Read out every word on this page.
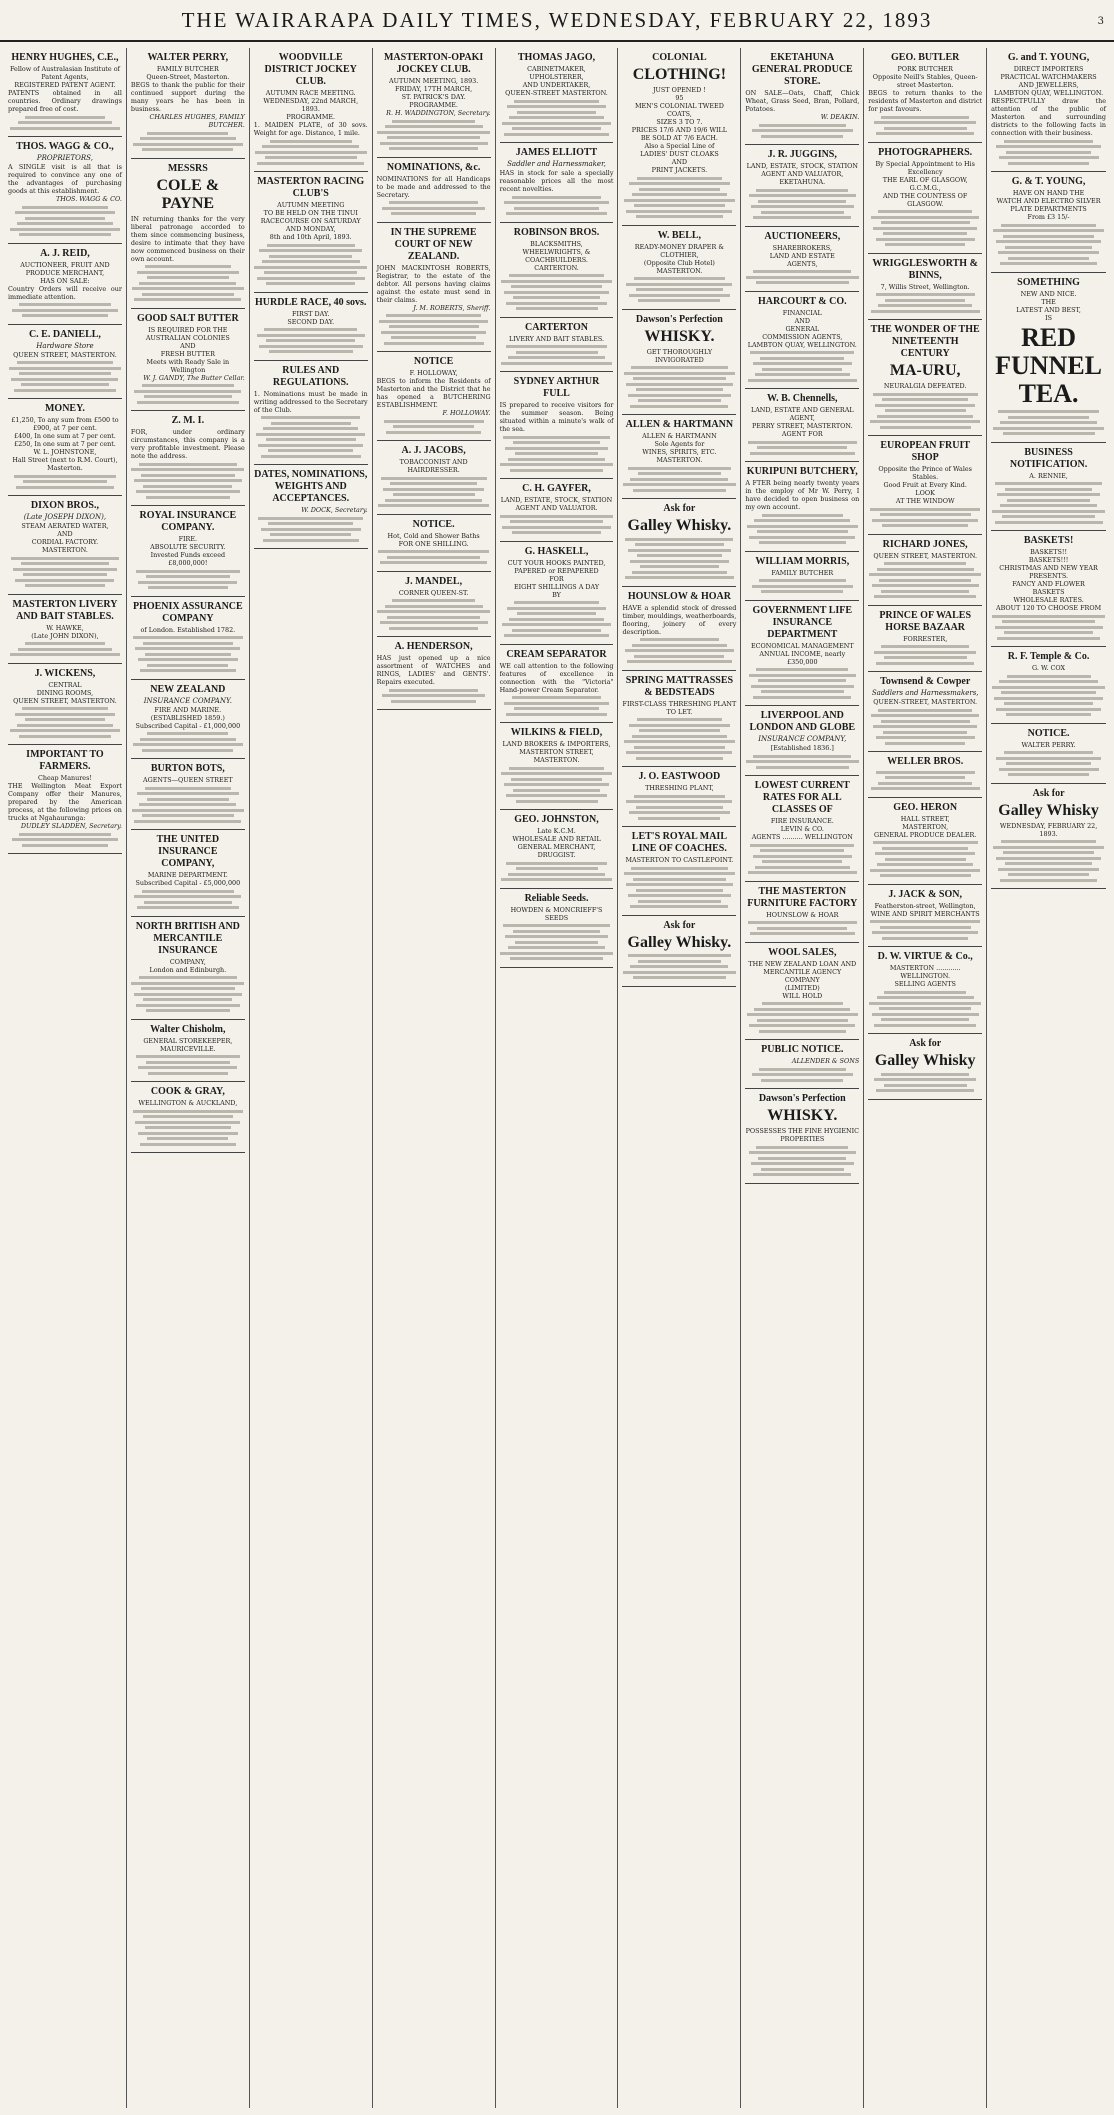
THE WAIRARAPA DAILY TIMES, WEDNESDAY, FEBRUARY 22, 1893	3
HENRY HUGHES, C.E.,
Fellow of Australasian Institute of Patent Agents,
REGISTERED PATENT AGENT.
PATENTS obtained in all countries. Ordinary drawings prepared free of cost.
THOS. WAGG & CO.,
PROPRIETORS,
A SINGLE visit is all that is required to convince any one of the advantages of purchasing goods at this establishment.
THOS. WAGG & CO.
A. J. REID,
AUCTIONEER, FRUIT AND PRODUCE MERCHANT,
HAS ON SALE:
Country Orders will receive our immediate attention.
C. E. DANIELL,
Hardware Store
QUEEN STREET, MASTERTON.
MONEY.
£1,250, To any sum from £500 to £900, at 7 per cent.
£400, In one sum at 7 per cent.
£250, In one sum at 7 per cent.
W. L. JOHNSTONE,
Hall Street (next to R.M. Court), Masterton.
DIXON BROS.,
(Late JOSEPH DIXON),
STEAM AERATED WATER,
AND
CORDIAL FACTORY.
MASTERTON.
MASTERTON LIVERY AND BAIT STABLES.
W. HAWKE,
(Late JOHN DIXON),
J. WICKENS,
CENTRAL
DINING ROOMS,
QUEEN STREET, MASTERTON.
IMPORTANT TO FARMERS.
Cheap Manures!
THE Wellington Meat Export Company offer their Manures, prepared by the American process, at the following prices on trucks at Ngahauranga:
DUDLEY SLADDEN, Secretary.
WALTER PERRY,
FAMILY BUTCHER
Queen-Street, Masterton.
BEGS to thank the public for their continued support during the many years he has been in business.
CHARLES HUGHES, FAMILY BUTCHER.
MESSRS
COLE & PAYNE
IN returning thanks for the very liberal patronage accorded to them since commencing business, desire to intimate that they have now commenced business on their own account.
GOOD SALT BUTTER
IS REQUIRED FOR THE
AUSTRALIAN COLONIES
AND
FRESH BUTTER
Meets with Ready Sale in Wellington
W. J. GANDY, The Butter Cellar.
Z. M. I.
FOR, under ordinary circumstances, this company is a very profitable investment. Please note the address.
ROYAL INSURANCE COMPANY.
FIRE.
ABSOLUTE SECURITY.
Invested Funds exceed £8,000,000!
PHOENIX ASSURANCE COMPANY
of London. Established 1782.
NEW ZEALAND
INSURANCE COMPANY.
FIRE AND MARINE.
(ESTABLISHED 1859.)
Subscribed Capital - £1,000,000
BURTON BOTS,
AGENTS—QUEEN STREET
THE UNITED INSURANCE COMPANY,
MARINE DEPARTMENT.
Subscribed Capital - £5,000,000
NORTH BRITISH AND MERCANTILE INSURANCE
COMPANY,
London and Edinburgh.
Walter Chisholm,
GENERAL STOREKEEPER,
MAURICEVILLE.
COOK & GRAY,
WELLINGTON & AUCKLAND,
WOODVILLE DISTRICT JOCKEY CLUB.
AUTUMN RACE MEETING.
WEDNESDAY, 22nd MARCH, 1893.
PROGRAMME.
1. MAIDEN PLATE, of 30 sovs. Weight for age. Distance, 1 mile.
MASTERTON RACING CLUB'S
AUTUMN MEETING
TO BE HELD ON THE TINUI RACECOURSE ON SATURDAY AND MONDAY,
8th and 10th April, 1893.
HURDLE RACE, 40 sovs.
FIRST DAY.
SECOND DAY.
RULES AND REGULATIONS.
1. Nominations must be made in writing addressed to the Secretary of the Club.
DATES, NOMINATIONS, WEIGHTS AND ACCEPTANCES.
W. DOCK, Secretary.
MASTERTON-OPAKI JOCKEY CLUB.
AUTUMN MEETING, 1893.
FRIDAY, 17TH MARCH,
ST. PATRICK'S DAY.
PROGRAMME.
R. H. WADDINGTON, Secretary.
NOMINATIONS, &c.
NOMINATIONS for all Handicaps to be made and addressed to the Secretary.
IN THE SUPREME COURT OF NEW ZEALAND.
JOHN MACKINTOSH ROBERTS, Registrar, to the estate of the debtor. All persons having claims against the estate must send in their claims.
J. M. ROBERTS, Sheriff.
NOTICE
F. HOLLOWAY,
BEGS to inform the Residents of Masterton and the District that he has opened a BUTCHERING ESTABLISHMENT.
F. HOLLOWAY.
A. J. JACOBS,
TOBACCONIST AND HAIRDRESSER.
NOTICE.
Hot, Cold and Shower Baths
FOR ONE SHILLING.
J. MANDEL,
CORNER QUEEN-ST.
A. HENDERSON,
HAS just opened up a nice assortment of WATCHES and RINGS, LADIES' and GENTS'. Repairs executed.
THOMAS JAGO,
CABINETMAKER,
UPHOLSTERER,
AND UNDERTAKER,
QUEEN-STREET MASTERTON.
JAMES ELLIOTT
Saddler and Harnessmaker,
HAS in stock for sale a specially reasonable prices all the most recent novelties.
ROBINSON BROS.
BLACKSMITHS, WHEELWRIGHTS, & COACHBUILDERS.
CARTERTON.
CARTERTON
LIVERY AND BAIT STABLES.
SYDNEY ARTHUR FULL
IS prepared to receive visitors for the summer season. Being situated within a minute's walk of the sea.
C. H. GAYFER,
LAND, ESTATE, STOCK, STATION AGENT AND VALUATOR.
G. HASKELL,
CUT YOUR HOOKS PAINTED, PAPERED or REPAPERED
FOR
EIGHT SHILLINGS A DAY
BY
CREAM SEPARATOR
WE call attention to the following features of excellence in connection with the "Victoria" Hand-power Cream Separator.
WILKINS & FIELD,
LAND BROKERS & IMPORTERS,
MASTERTON STREET, MASTERTON.
GEO. JOHNSTON,
Late K.C.M.
WHOLESALE AND RETAIL GENERAL MERCHANT, DRUGGIST.
Reliable Seeds.
HOWDEN & MONCRIEFF'S SEEDS
COLONIAL
CLOTHING!
JUST OPENED !
95
MEN'S COLONIAL TWEED
COATS,
SIZES 3 TO 7.
PRICES 17/6 AND 19/6 WILL
BE SOLD AT 7/6 EACH.
Also a Special Line of
LADIES' DUST CLOAKS
AND
PRINT JACKETS.
W. BELL,
READY-MONEY DRAPER & CLOTHIER,
(Opposite Club Hotel)
MASTERTON.
Dawson's Perfection
WHISKY.
GET THOROUGHLY INVIGORATED
ALLEN & HARTMANN
ALLEN & HARTMANN
Sole Agents for
WINES, SPIRITS, ETC.
MASTERTON.
Ask for
Galley Whisky.
HOUNSLOW & HOAR
HAVE a splendid stock of dressed timber, mouldings, weatherboards, flooring, joinery of every description.
SPRING MATTRASSES & BEDSTEADS
FIRST-CLASS THRESHING PLANT
TO LET.
J. O. EASTWOOD
THRESHING PLANT,
LET'S ROYAL MAIL LINE OF COACHES.
MASTERTON TO CASTLEPOINT.
Ask for
Galley Whisky.
EKETAHUNA GENERAL PRODUCE STORE.
ON SALE—Oats, Chaff, Chick Wheat, Grass Seed, Bran, Pollard, Potatoes.
W. DEAKIN.
J. R. JUGGINS,
LAND, ESTATE, STOCK, STATION AGENT AND VALUATOR,
EKETAHUNA.
AUCTIONEERS,
SHAREBROKERS,
LAND AND ESTATE
AGENTS,
HARCOURT & CO.
FINANCIAL
AND
GENERAL
COMMISSION AGENTS,
LAMBTON QUAY, WELLINGTON.
W. B. Chennells,
LAND, ESTATE AND GENERAL AGENT,
PERRY STREET, MASTERTON.
AGENT FOR
KURIPUNI BUTCHERY,
A FTER being nearly twenty years in the employ of Mr W. Perry, I have decided to open business on my own account.
WILLIAM MORRIS,
FAMILY BUTCHER
GOVERNMENT LIFE INSURANCE DEPARTMENT
ECONOMICAL MANAGEMENT
ANNUAL INCOME, nearly £350,000
LIVERPOOL AND LONDON AND GLOBE
INSURANCE COMPANY,
[Established 1836.]
LOWEST CURRENT RATES FOR ALL CLASSES OF
FIRE INSURANCE.
LEVIN & CO.
AGENTS .......... WELLINGTON
THE MASTERTON FURNITURE FACTORY
HOUNSLOW & HOAR
WOOL SALES,
THE NEW ZEALAND LOAN AND MERCANTILE AGENCY COMPANY
(LIMITED)
WILL HOLD
PUBLIC NOTICE.
ALLENDER & SONS
Dawson's Perfection
WHISKY.
POSSESSES THE FINE HYGIENIC PROPERTIES
GEO. BUTLER
PORK BUTCHER
Opposite Neill's Stables, Queen-street Masterton.
BEGS to return thanks to the residents of Masterton and district for past favours.
PHOTOGRAPHERS.
By Special Appointment to His Excellency
THE EARL OF GLASGOW,
G.C.M.G.,
AND THE COUNTESS OF GLASGOW.
WRIGGLESWORTH & BINNS,
7, Willis Street, Wellington.
THE WONDER OF THE NINETEENTH CENTURY
MA-URU,
NEURALGIA DEFEATED.
EUROPEAN FRUIT SHOP
Opposite the Prince of Wales Stables.
Good Fruit at Every Kind.
LOOK
AT THE WINDOW
RICHARD JONES,
QUEEN STREET, MASTERTON.
PRINCE OF WALES HORSE BAZAAR
FORRESTER,
Townsend & Cowper
Saddlers and Harnessmakers,
QUEEN-STREET, MASTERTON.
WELLER BROS.
GEO. HERON
HALL STREET,
MASTERTON,
GENERAL PRODUCE DEALER.
J. JACK & SON,
Featherston-street, Wellington,
WINE AND SPIRIT MERCHANTS
D. W. VIRTUE & Co.,
MASTERTON ............ WELLINGTON.
SELLING AGENTS
Ask for
Galley Whisky
G. and T. YOUNG,
DIRECT IMPORTERS
PRACTICAL WATCHMAKERS
AND JEWELLERS,
LAMBTON QUAY, WELLINGTON.
RESPECTFULLY draw the attention of the public of Masterton and surrounding districts to the following facts in connection with their business.
G. & T. YOUNG,
HAVE ON HAND THE
WATCH AND ELECTRO SILVER PLATE DEPARTMENTS
From £3 15/-
SOMETHING
NEW AND NICE.
THE
LATEST AND BEST,
IS
RED FUNNEL TEA.
BUSINESS NOTIFICATION.
A. RENNIE,
BASKETS!
BASKETS!!
BASKETS!!!
CHRISTMAS AND NEW YEAR
PRESENTS.
FANCY AND FLOWER
BASKETS
WHOLESALE RATES.
ABOUT 120 TO CHOOSE FROM
R. F. Temple & Co.
G. W. COX
NOTICE.
WALTER PERRY.
Ask for
Galley Whisky
WEDNESDAY, FEBRUARY 22, 1893.
